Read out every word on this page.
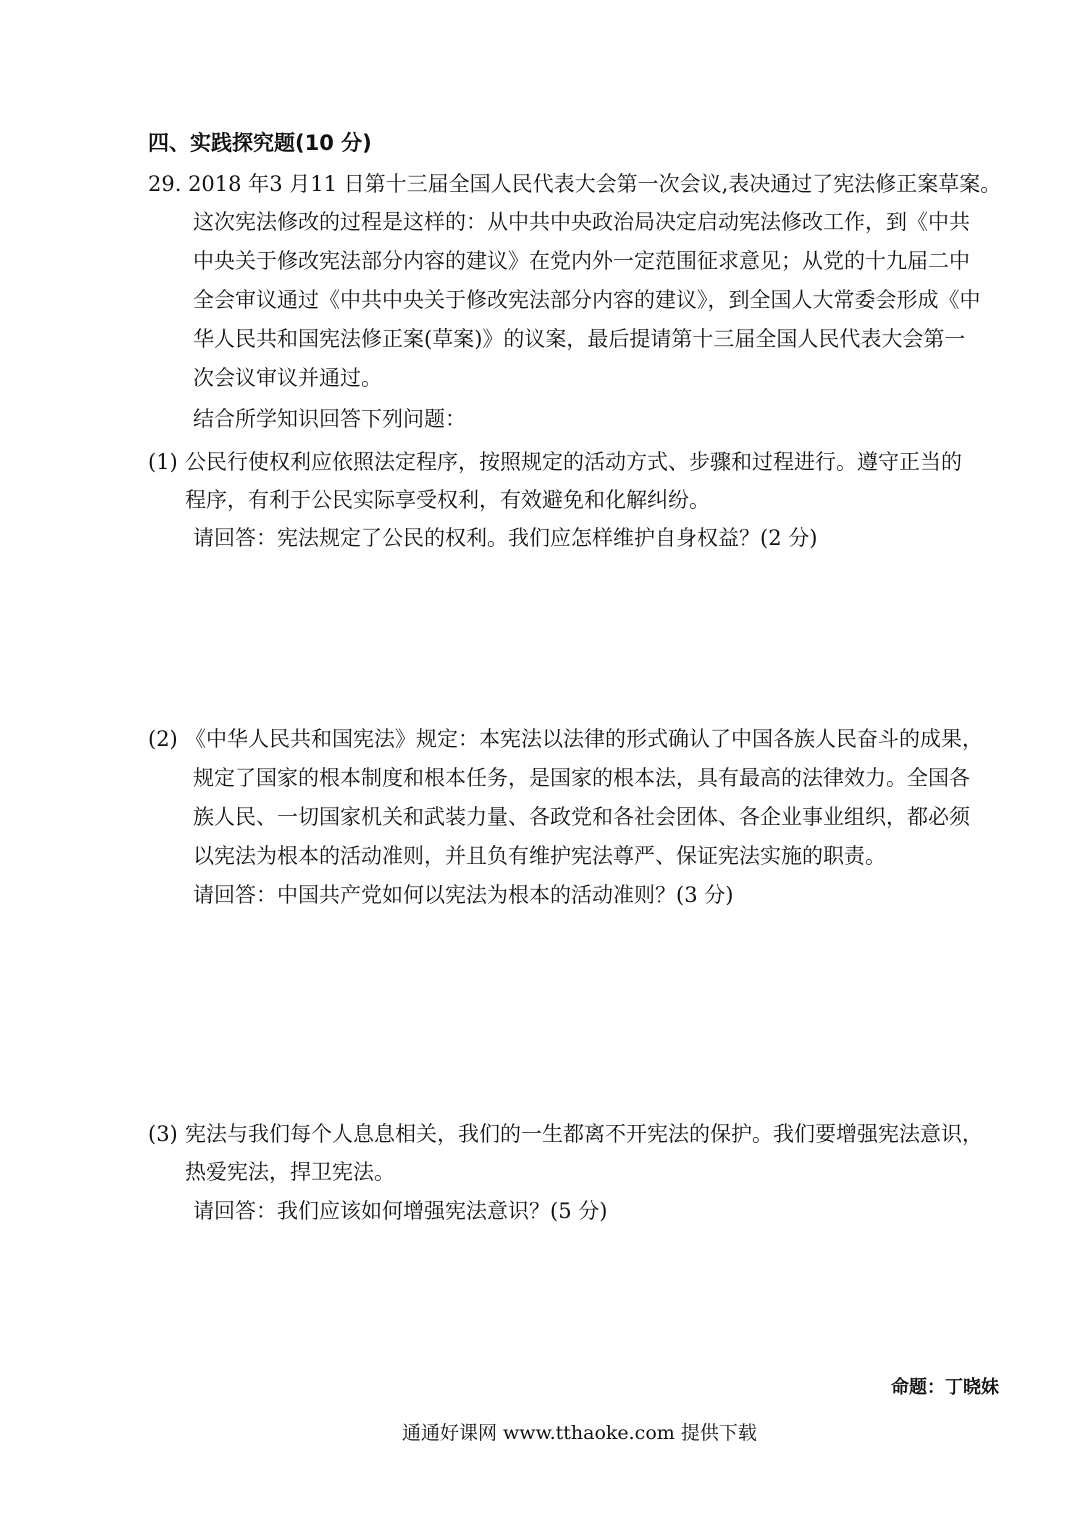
四、实践探究题(10 分)
29. 2018 年3 月11 日第十三届全国人民代表大会第一次会议,表决通过了宪法修正案草案。
这次宪法修改的过程是这样的：从中共中央政治局决定启动宪法修改工作，到《中共
中央关于修改宪法部分内容的建议》在党内外一定范围征求意见；从党的十九届二中
全会审议通过《中共中央关于修改宪法部分内容的建议》，到全国人大常委会形成《中
华人民共和国宪法修正案(草案)》的议案，最后提请第十三届全国人民代表大会第一
次会议审议并通过。
结合所学知识回答下列问题：
(1) 公民行使权利应依照法定程序，按照规定的活动方式、步骤和过程进行。遵守正当的
程序，有利于公民实际享受权利，有效避免和化解纠纷。
请回答：宪法规定了公民的权利。我们应怎样维护自身权益？(2 分)
(2) 《中华人民共和国宪法》规定：本宪法以法律的形式确认了中国各族人民奋斗的成果，
规定了国家的根本制度和根本任务，是国家的根本法，具有最高的法律效力。全国各
族人民、一切国家机关和武装力量、各政党和各社会团体、各企业事业组织，都必须
以宪法为根本的活动准则，并且负有维护宪法尊严、保证宪法实施的职责。
请回答：中国共产党如何以宪法为根本的活动准则？(3 分)
(3) 宪法与我们每个人息息相关，我们的一生都离不开宪法的保护。我们要增强宪法意识，
热爱宪法，捍卫宪法。
请回答：我们应该如何增强宪法意识？(5 分)
命题：丁晓妹
通通好课网 www.tthaoke.com 提供下载
